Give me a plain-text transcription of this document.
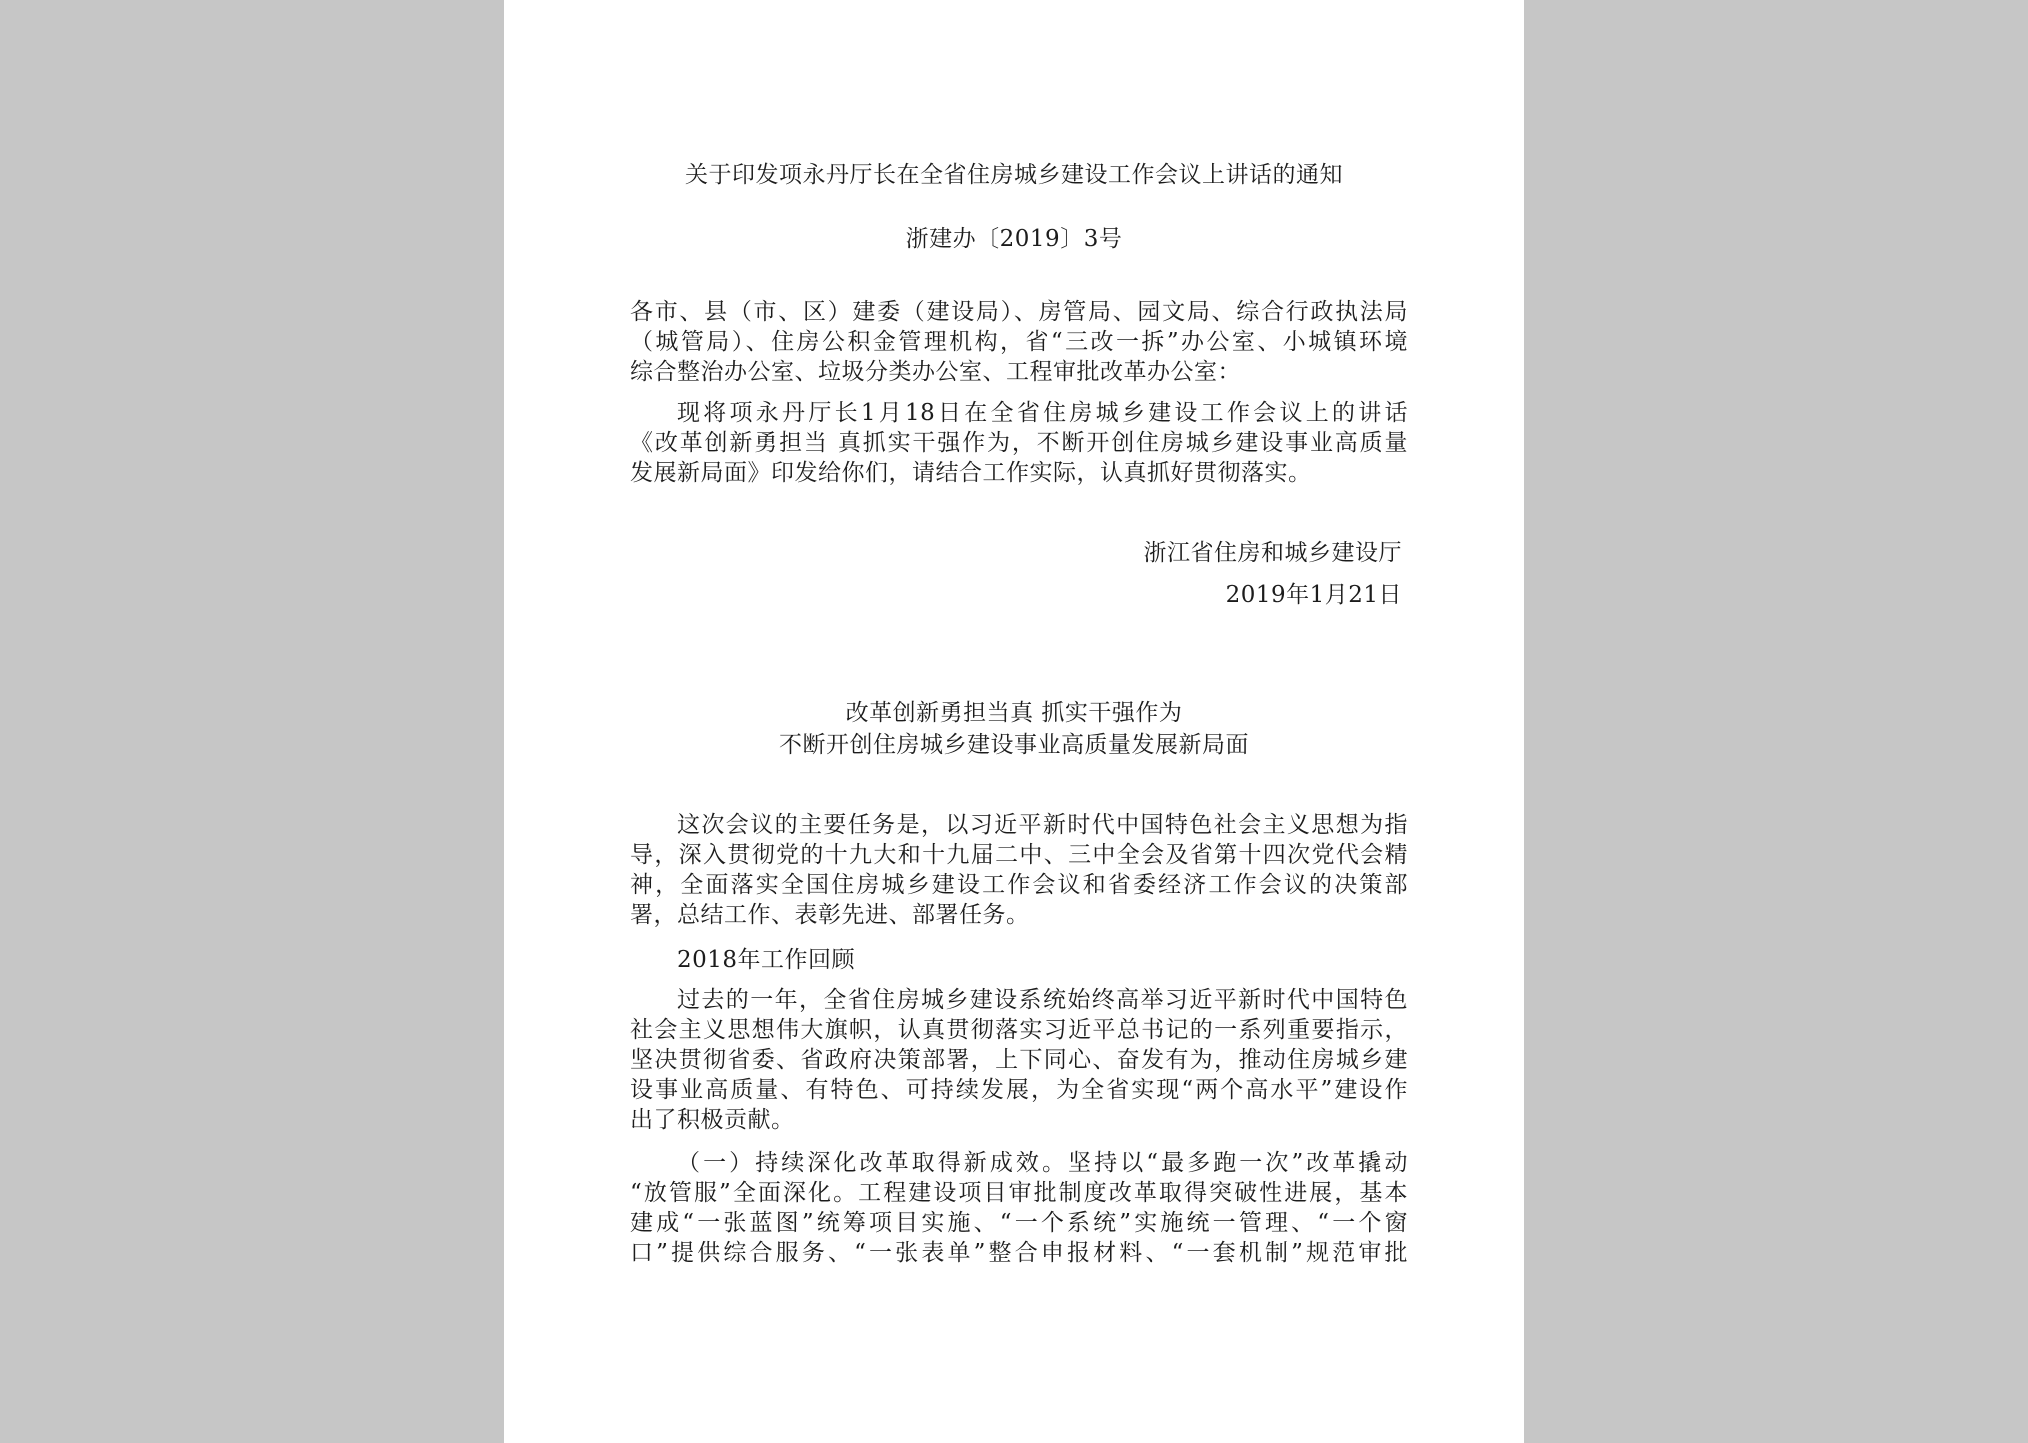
关于印发项永丹厅长在全省住房城乡建设工作会议上讲话的通知
浙建办〔2019〕3号
各市、县（市、区）建委（建设局）、房管局、园文局、综合行政执法局
（城管局）、住房公积金管理机构，省“三改一拆”办公室、小城镇环境
综合整治办公室、垃圾分类办公室、工程审批改革办公室：
现将项永丹厅长1月18日在全省住房城乡建设工作会议上的讲话
《改革创新勇担当 真抓实干强作为，不断开创住房城乡建设事业高质量
发展新局面》印发给你们，请结合工作实际，认真抓好贯彻落实。
浙江省住房和城乡建设厅
2019年1月21日
改革创新勇担当真 抓实干强作为
不断开创住房城乡建设事业高质量发展新局面
这次会议的主要任务是，以习近平新时代中国特色社会主义思想为指
导，深入贯彻党的十九大和十九届二中、三中全会及省第十四次党代会精
神，全面落实全国住房城乡建设工作会议和省委经济工作会议的决策部
署，总结工作、表彰先进、部署任务。
2018年工作回顾
过去的一年，全省住房城乡建设系统始终高举习近平新时代中国特色
社会主义思想伟大旗帜，认真贯彻落实习近平总书记的一系列重要指示，
坚决贯彻省委、省政府决策部署，上下同心、奋发有为，推动住房城乡建
设事业高质量、有特色、可持续发展，为全省实现“两个高水平”建设作
出了积极贡献。
（一）持续深化改革取得新成效。坚持以“最多跑一次”改革撬动
“放管服”全面深化。工程建设项目审批制度改革取得突破性进展，基本
建成“一张蓝图”统筹项目实施、“一个系统”实施统一管理、“一个窗
口”提供综合服务、“一张表单”整合申报材料、“一套机制”规范审批
